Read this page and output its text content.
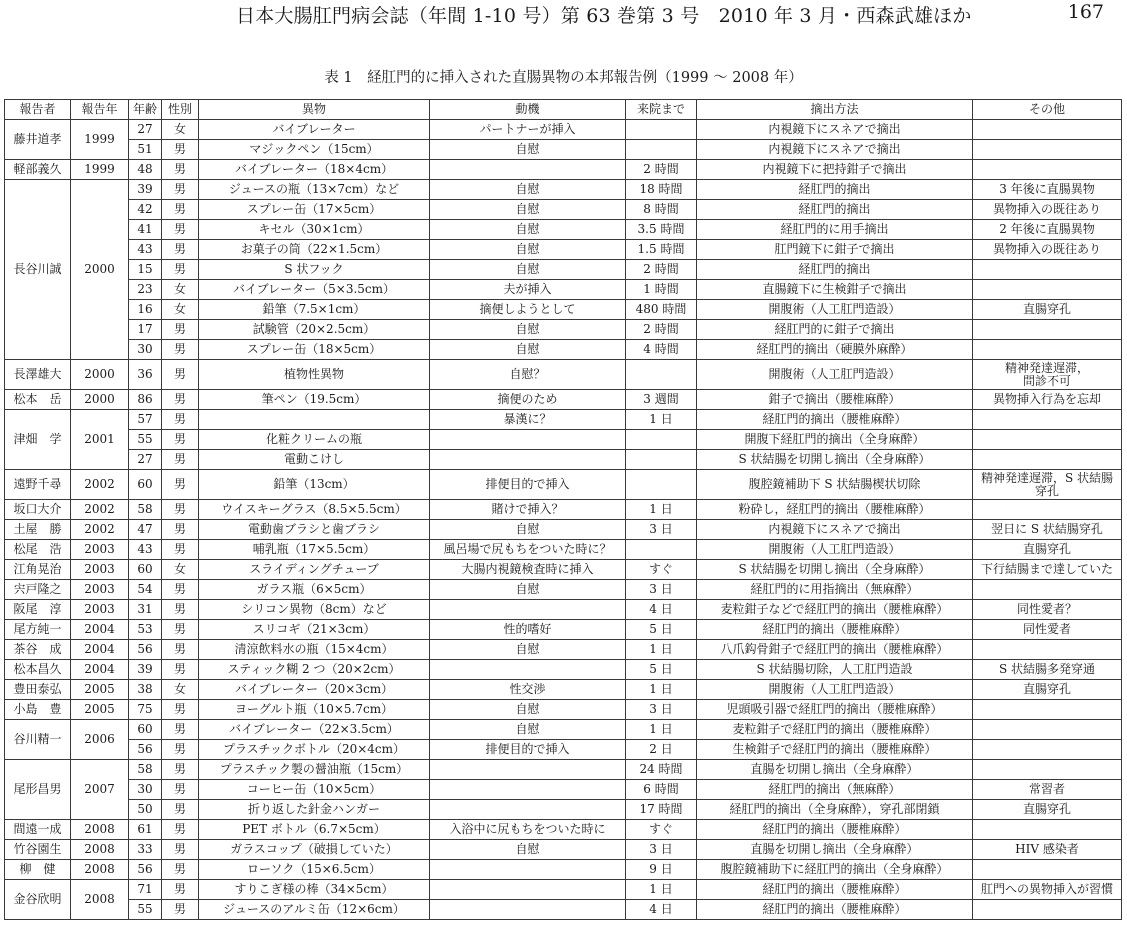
日本大腸肛門病会誌（年間 1-10 号）第 63 巻第 3 号　2010 年 3 月・西森武雄ほか	167
表 1　経肛門的に挿入された直腸異物の本邦報告例（1999 〜 2008 年）
報告者	報告年	年齢	性別	異物	動機	来院まで	摘出方法	その他
藤井道孝	1999	27	女	バイブレーター	パートナーが挿入		内視鏡下にスネアで摘出	
		51	男	マジックペン（15cm）	自慰		内視鏡下にスネアで摘出	
軽部義久	1999	48	男	バイブレーター（18×4cm）		2 時間	内視鏡下に把持鉗子で摘出	
長谷川誠	2000	39	男	ジュースの瓶（13×7cm）など	自慰	18 時間	経肛門的摘出	3 年後に直腸異物
		42	男	スプレー缶（17×5cm）	自慰	8 時間	経肛門的摘出	異物挿入の既往あり
		41	男	キセル（30×1cm）	自慰	3.5 時間	経肛門的に用手摘出	2 年後に直腸異物
		43	男	お菓子の筒（22×1.5cm）	自慰	1.5 時間	肛門鏡下に鉗子で摘出	異物挿入の既往あり
		15	男	S 状フック	自慰	2 時間	経肛門的摘出	
		23	女	バイブレーター（5×3.5cm）	夫が挿入	1 時間	直腸鏡下に生検鉗子で摘出	
		16	女	鉛筆（7.5×1cm）	摘便しようとして	480 時間	開腹術（人工肛門造設）	直腸穿孔
		17	男	試験管（20×2.5cm）	自慰	2 時間	経肛門的に鉗子で摘出	
		30	男	スプレー缶（18×5cm）	自慰	4 時間	経肛門的摘出（硬膜外麻酔）	
長澤雄大	2000	36	男	植物性異物	自慰？		開腹術（人工肛門造設）	精神発達遅滞，
問診不可
松本　岳	2000	86	男	筆ペン（19.5cm）	摘便のため	3 週間	鉗子で摘出（腰椎麻酔）	異物挿入行為を忘却
津畑　学	2001	57	男		暴漢に？	1 日	経肛門的摘出（腰椎麻酔）	
		55	男	化粧クリームの瓶			開腹下経肛門的摘出（全身麻酔）	
		27	男	電動こけし			S 状結腸を切開し摘出（全身麻酔）	
遠野千尋	2002	60	男	鉛筆（13cm）	排便目的で挿入		腹腔鏡補助下 S 状結腸楔状切除	精神発達遅滞，S 状結腸
穿孔
坂口大介	2002	58	男	ウイスキーグラス（8.5×5.5cm）	賭けで挿入？	1 日	粉砕し，経肛門的摘出（腰椎麻酔）	
土屋　勝	2002	47	男	電動歯ブラシと歯ブラシ	自慰	3 日	内視鏡下にスネアで摘出	翌日に S 状結腸穿孔
松尾　浩	2003	43	男	哺乳瓶（17×5.5cm）	風呂場で尻もちをついた時に？		開腹術（人工肛門造設）	直腸穿孔
江角晃治	2003	60	女	スライディングチューブ	大腸内視鏡検査時に挿入	すぐ	S 状結腸を切開し摘出（全身麻酔）	下行結腸まで達していた
宍戸隆之	2003	54	男	ガラス瓶（6×5cm）	自慰	3 日	経肛門的に用指摘出（無麻酔）	
阪尾　淳	2003	31	男	シリコン異物（8cm）など		4 日	麦粒鉗子などで経肛門的摘出（腰椎麻酔）	同性愛者？
尾方純一	2004	53	男	スリコギ（21×3cm）	性的嗜好	5 日	経肛門的摘出（腰椎麻酔）	同性愛者
茶谷　成	2004	56	男	清涼飲料水の瓶（15×4cm）	自慰	1 日	八爪鈎骨鉗子で経肛門的摘出（腰椎麻酔）	
松本昌久	2004	39	男	スティック糊 2 つ（20×2cm）		5 日	S 状結腸切除，人工肛門造設	S 状結腸多発穿通
豊田泰弘	2005	38	女	バイブレーター（20×3cm）	性交渉	1 日	開腹術（人工肛門造設）	直腸穿孔
小島　豊	2005	75	男	ヨーグルト瓶（10×5.7cm）	自慰	3 日	児頭吸引器で経肛門的摘出（腰椎麻酔）	
谷川精一	2006	60	男	バイブレーター（22×3.5cm）	自慰	1 日	麦粒鉗子で経肛門的摘出（腰椎麻酔）	
		56	男	プラスチックボトル（20×4cm）	排便目的で挿入	2 日	生検鉗子で経肛門的摘出（腰椎麻酔）	
尾形昌男	2007	58	男	プラスチック製の醤油瓶（15cm）		24 時間	直腸を切開し摘出（全身麻酔）	
		30	男	コーヒー缶（10×5cm）		6 時間	経肛門的摘出（無麻酔）	常習者
		50	男	折り返した針金ハンガー		17 時間	経肛門的摘出（全身麻酔），穿孔部閉鎖	直腸穿孔
間遠一成	2008	61	男	PET ボトル（6.7×5cm）	入浴中に尻もちをついた時に	すぐ	経肛門的摘出（腰椎麻酔）	
竹谷園生	2008	33	男	ガラスコップ（破損していた）	自慰	3 日	直腸を切開し摘出（全身麻酔）	HIV 感染者
柳　健	2008	56	男	ローソク（15×6.5cm）		9 日	腹腔鏡補助下に経肛門的摘出（全身麻酔）	
金谷欣明	2008	71	男	すりこぎ様の棒（34×5cm）		1 日	経肛門的摘出（腰椎麻酔）	肛門への異物挿入が習慣
		55	男	ジュースのアルミ缶（12×6cm）		4 日	経肛門的摘出（腰椎麻酔）	
